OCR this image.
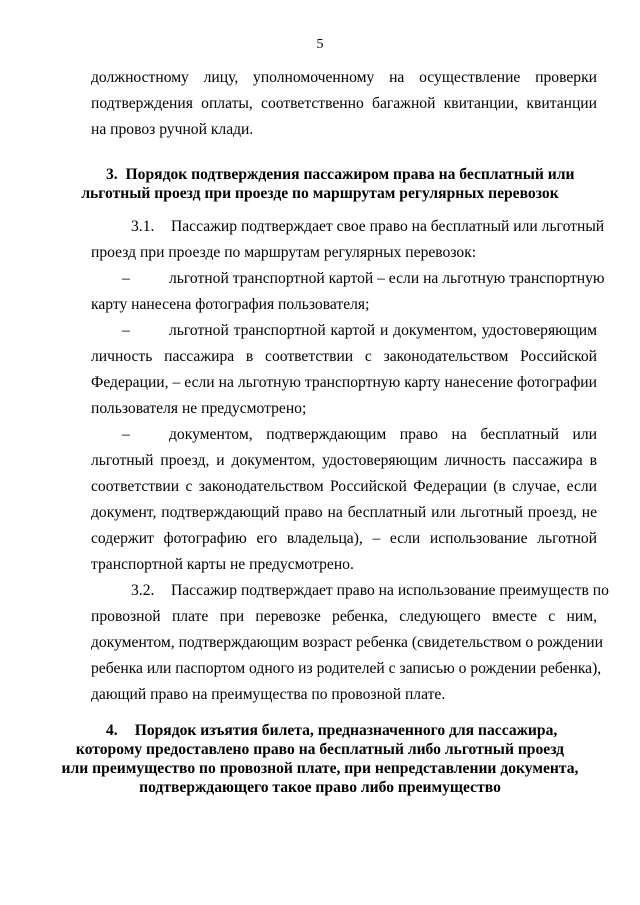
5
должностному лицу, уполномоченному на осуществление проверки
подтверждения оплаты, соответственно багажной квитанции, квитанции
на провоз ручной клади.
3. Порядок подтверждения пассажиром права на бесплатный или
льготный проезд при проезде по маршрутам регулярных перевозок
3.1. Пассажир подтверждает свое право на бесплатный или льготный
проезд при проезде по маршрутам регулярных перевозок:
–	льготной транспортной картой – если на льготную транспортную
карту нанесена фотография пользователя;
–	льготной транспортной картой и документом, удостоверяющим
личность пассажира в соответствии с законодательством Российской
Федерации, – если на льготную транспортную карту нанесение фотографии
пользователя не предусмотрено;
–	документом, подтверждающим право на бесплатный или
льготный проезд, и документом, удостоверяющим личность пассажира в
соответствии с законодательством Российской Федерации (в случае, если
документ, подтверждающий право на бесплатный или льготный проезд, не
содержит фотографию его владельца), – если использование льготной
транспортной карты не предусмотрено.
3.2. Пассажир подтверждает право на использование преимуществ по
провозной плате при перевозке ребенка, следующего вместе с ним,
документом, подтверждающим возраст ребенка (свидетельством о рождении
ребенка или паспортом одного из родителей с записью о рождении ребенка),
дающий право на преимущества по провозной плате.
4.	Порядок изъятия билета, предназначенного для пассажира,
которому предоставлено право на бесплатный либо льготный проезд
или преимущество по провозной плате, при непредставлении документа,
подтверждающего такое право либо преимущество
